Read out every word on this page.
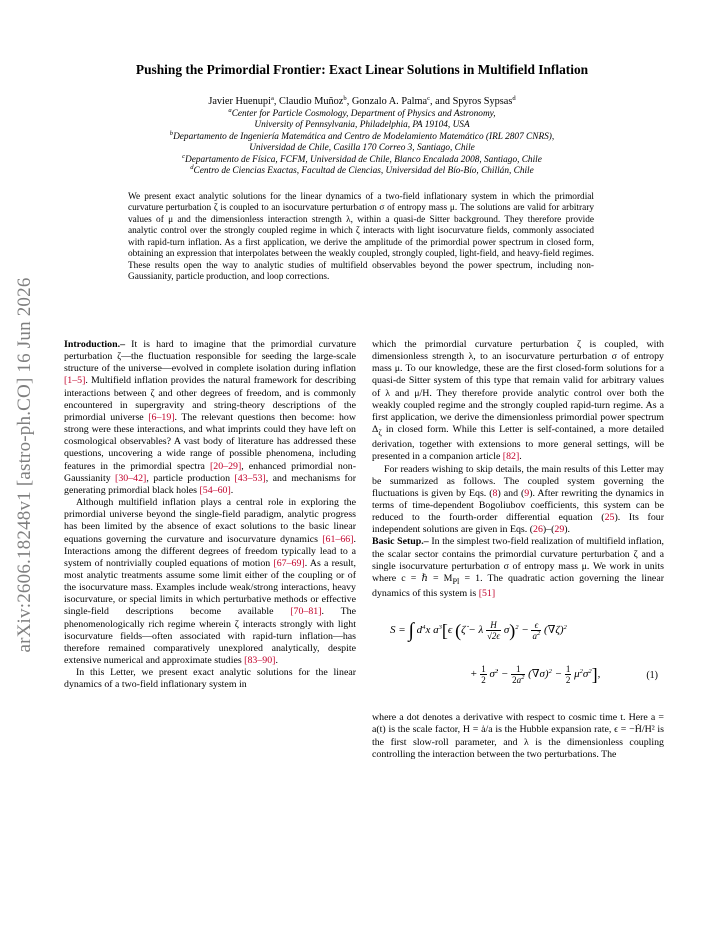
arXiv:2606.18248v1 [astro-ph.CO] 16 Jun 2026
Pushing the Primordial Frontier: Exact Linear Solutions in Multifield Inflation
Javier Huenupi$^a$, Claudio Muñoz$^b$, Gonzalo A. Palma$^c$, and Spyros Sypsas$^d$
$^a$Center for Particle Cosmology, Department of Physics and Astronomy,
University of Pennsylvania, Philadelphia, PA 19104, USA
$^b$Departamento de Ingeniería Matemática and Centro de Modelamiento Matemático (IRL 2807 CNRS),
Universidad de Chile, Casilla 170 Correo 3, Santiago, Chile
$^c$Departamento de Física, FCFM, Universidad de Chile, Blanco Encalada 2008, Santiago, Chile
$^d$Centro de Ciencias Exactas, Facultad de Ciencias, Universidad del Bío-Bío, Chillán, Chile
We present exact analytic solutions for the linear dynamics of a two-field inflationary system in which the primordial curvature perturbation ζ is coupled to an isocurvature perturbation σ of entropy mass μ. The solutions are valid for arbitrary values of μ and the dimensionless interaction strength λ, within a quasi-de Sitter background. They therefore provide analytic control over the strongly coupled regime in which ζ interacts with light isocurvature fields, commonly associated with rapid-turn inflation. As a first application, we derive the amplitude of the primordial power spectrum in closed form, obtaining an expression that interpolates between the weakly coupled, strongly coupled, light-field, and heavy-field regimes. These results open the way to analytic studies of multifield observables beyond the power spectrum, including non-Gaussianity, particle production, and loop corrections.

Introduction.– It is hard to imagine that the primordial curvature perturbation ζ—the fluctuation responsible for seeding the large-scale structure of the universe—evolved in complete isolation during inflation [1–5]. Multifield inflation provides the natural framework for describing interactions between ζ and other degrees of freedom, and is commonly encountered in supergravity and string-theory descriptions of the primordial universe [6–19]. The relevant questions then become: how strong were these interactions, and what imprints could they have left on cosmological observables? A vast body of literature has addressed these questions, uncovering a wide range of possible phenomena, including features in the primordial spectra [20–29], enhanced primordial non-Gaussianity [30–42], particle production [43–53], and mechanisms for generating primordial black holes [54–60].

Although multifield inflation plays a central role in exploring the primordial universe beyond the single-field paradigm, analytic progress has been limited by the absence of exact solutions to the basic linear equations governing the curvature and isocurvature dynamics [61–66]. Interactions among the different degrees of freedom typically lead to a system of nontrivially coupled equations of motion [67–69]. As a result, most analytic treatments assume some limit either of the coupling or of the isocurvature mass. Examples include weak/strong interactions, heavy isocurvature, or special limits in which perturbative methods or effective single-field descriptions become available [70–81]. The phenomenologically rich regime wherein ζ interacts strongly with light isocurvature fields—often associated with rapid-turn inflation—has therefore remained comparatively unexplored analytically, despite extensive numerical and approximate studies [83–90].

In this Letter, we present exact analytic solutions for the linear dynamics of a two-field inflationary system in

which the primordial curvature perturbation ζ is coupled, with dimensionless strength λ, to an isocurvature perturbation σ of entropy mass μ. To our knowledge, these are the first closed-form solutions for a quasi-de Sitter system of this type that remain valid for arbitrary values of λ and μ/H. They therefore provide analytic control over both the weakly coupled regime and the strongly coupled rapid-turn regime. As a first application, we derive the dimensionless primordial power spectrum $\Delta_\zeta$ in closed form. While this Letter is self-contained, a more detailed derivation, together with extensions to more general settings, will be presented in a companion article [82].

For readers wishing to skip details, the main results of this Letter may be summarized as follows. The coupled system governing the fluctuations is given by Eqs. (8) and (9). After rewriting the dynamics in terms of time-dependent Bogoliubov coefficients, this system can be reduced to the fourth-order differential equation (25). Its four independent solutions are given in Eqs. (26)–(29).

Basic Setup.– In the simplest two-field realization of multifield inflation, the scalar sector contains the primordial curvature perturbation ζ and a single isocurvature perturbation σ of entropy mass μ. We work in units where c = ℏ = $M_{Pl} = 1$. The quadratic action governing the linear dynamics of this system is [51]

S = ∫ $d^4x$ $a^3[\epsilon$ (ζ̇ − λ $\frac{H}{√2\epsilon} \sigma)^2 - \frac{\epsilon}{a^2} (\nabla\zeta)^2$
+ $\frac{1}{2}$ σ̇$^2$ − $\frac{1}{2a^2} (\nabla\sigma)^2 - \frac{1}{2} \mu^2\sigma^2$],	(1)

where a dot denotes a derivative with respect to cosmic time t. Here a = a(t) is the scale factor, H = ȧ/a is the Hubble expansion rate, ϵ = −Ḣ/H² is the first slow-roll parameter, and λ is the dimensionless coupling controlling the interaction between the two perturbations. The
